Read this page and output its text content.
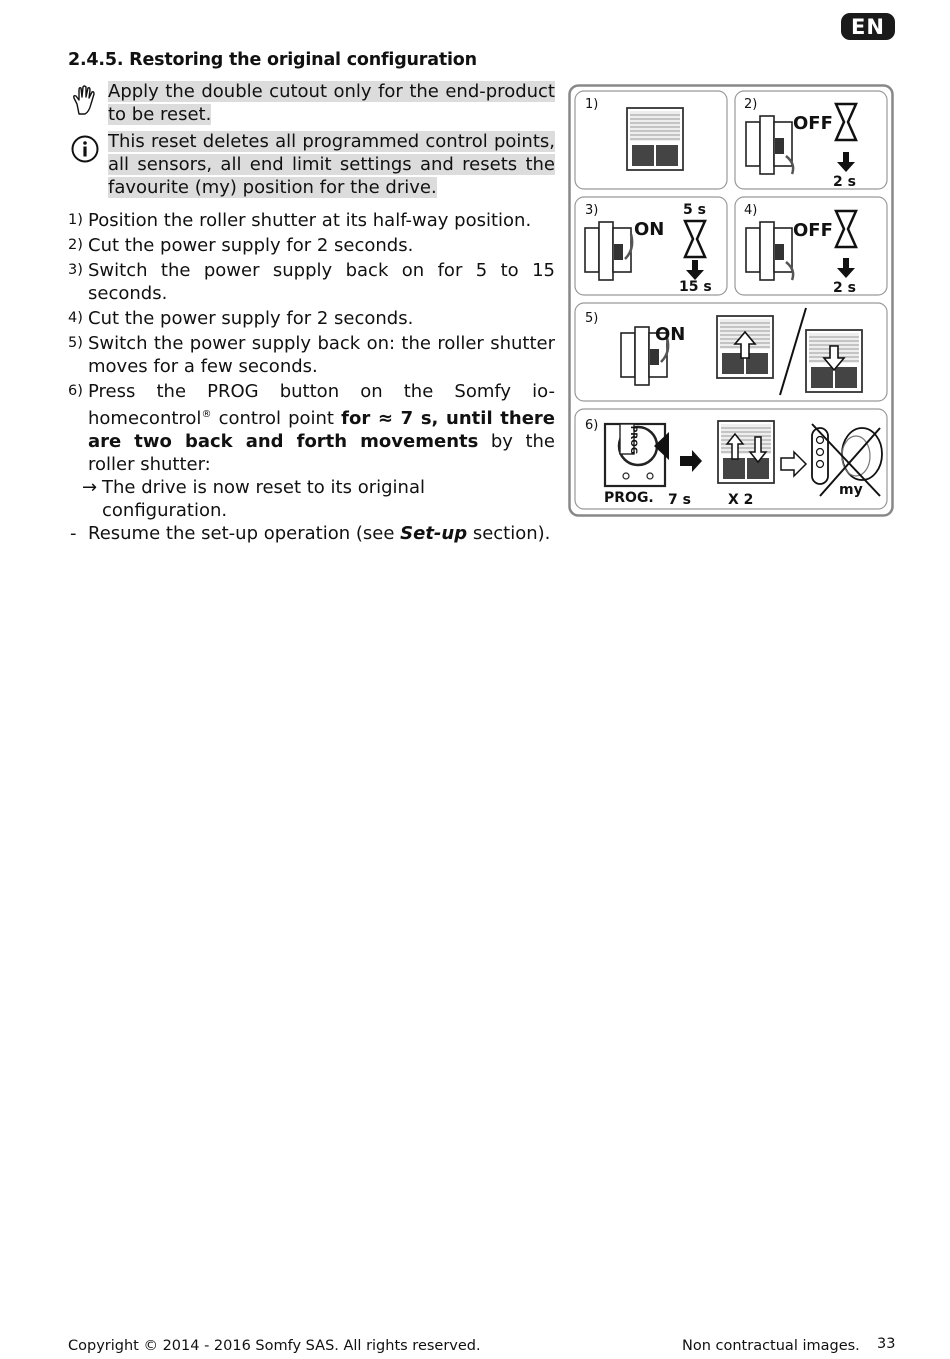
EN
2.4.5. Restoring the original configuration
Apply the double cutout only for the end-product to be reset.
This reset deletes all programmed control points, all sensors, all end limit settings and resets the favourite (my) position for the drive.
1) Position the roller shutter at its half-way position.
2) Cut the power supply for 2 seconds.
3) Switch the power supply back on for 5 to 15 seconds.
4) Cut the power supply for 2 seconds.
5) Switch the power supply back on: the roller shutter moves for a few seconds.
6) Press the PROG button on the Somfy io-homecontrol® control point for ≈ 7 s, until there are two back and forth movements by the roller shutter:
→ The drive is now reset to its original configuration.
- Resume the set-up operation (see Set-up section).
1)	2)
OFF
2 s
3)
ON
5 s
15 s
4)
OFF
2 s
5)
ON
6)
PROG
PROG. 7 s	X 2
my
Copyright © 2014 - 2016 Somfy SAS. All rights reserved.	Non contractual images. 33
